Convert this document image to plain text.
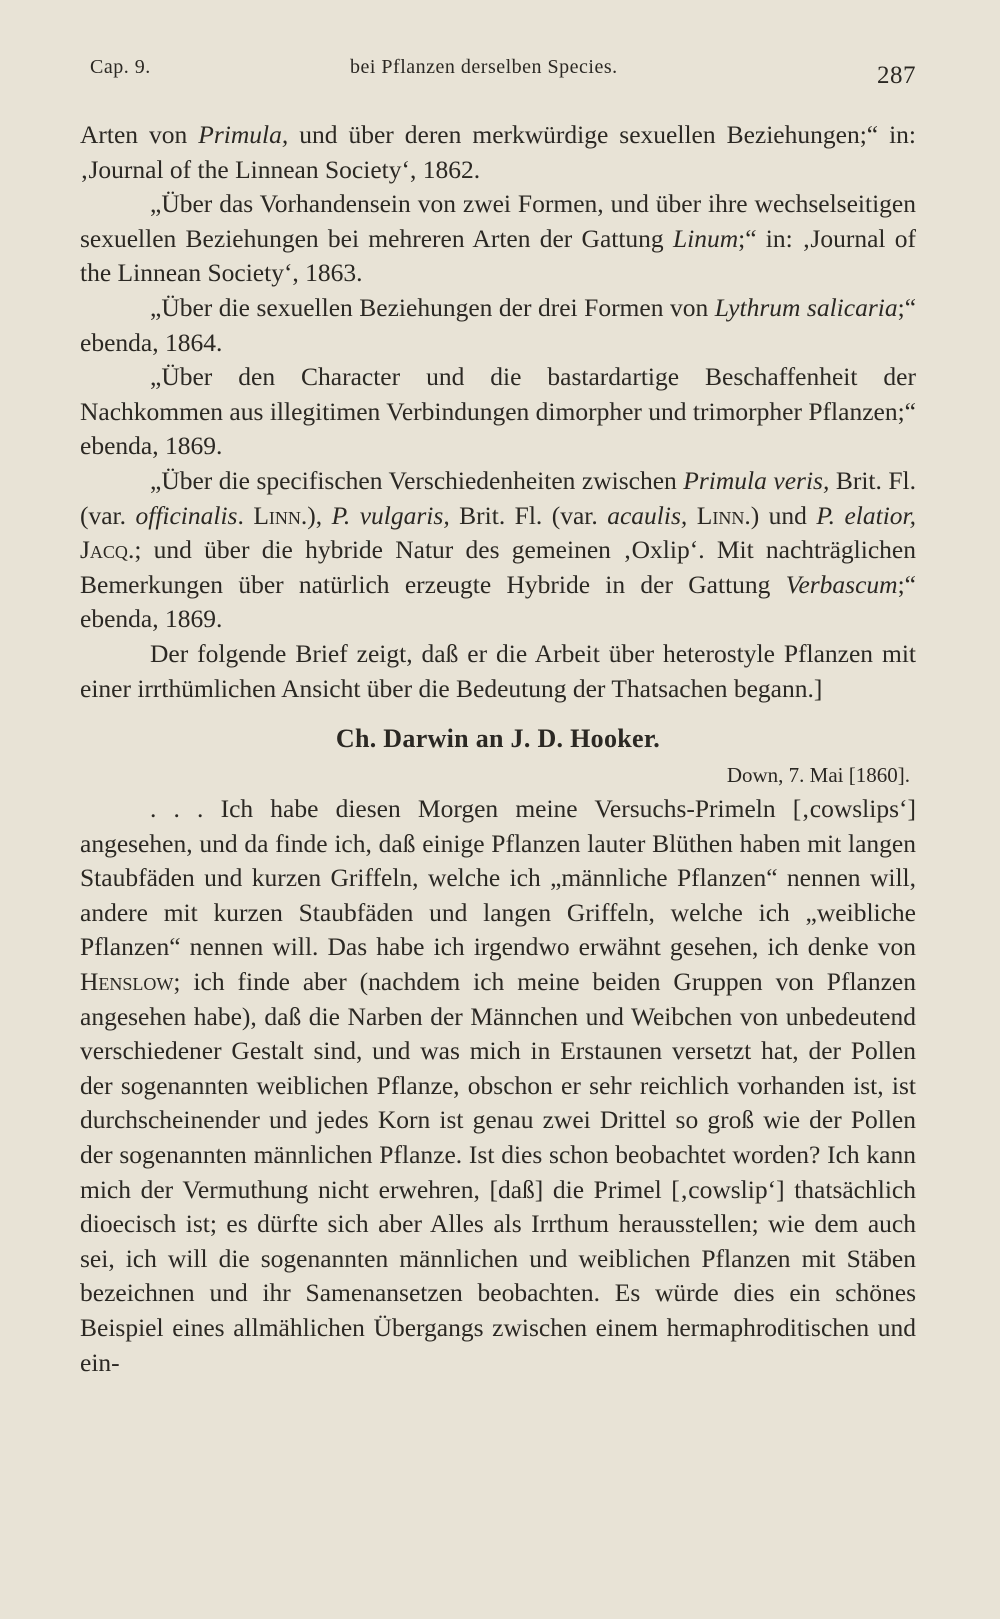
Cap. 9.	bei Pflanzen derselben Species.	287

Arten von Primula, und über deren merkwürdige sexuellen Beziehungen;“ in: ‚Journal of the Linnean Society‘, 1862.

„Über das Vorhandensein von zwei Formen, und über ihre wechselseitigen sexuellen Beziehungen bei mehreren Arten der Gattung Linum;“ in: ‚Journal of the Linnean Society‘, 1863.

„Über die sexuellen Beziehungen der drei Formen von Lythrum salicaria;“ ebenda, 1864.

„Über den Character und die bastardartige Beschaffenheit der Nachkommen aus illegitimen Verbindungen dimorpher und trimorpher Pflanzen;“ ebenda, 1869.

„Über die specifischen Verschiedenheiten zwischen Primula veris, Brit. Fl. (var. officinalis. Linn.), P. vulgaris, Brit. Fl. (var. acaulis, Linn.) und P. elatior, Jacq.; und über die hybride Natur des gemeinen ‚Oxlip‘. Mit nachträglichen Bemerkungen über natürlich erzeugte Hybride in der Gattung Verbascum;“ ebenda, 1869.

Der folgende Brief zeigt, daß er die Arbeit über heterostyle Pflanzen mit einer irrthümlichen Ansicht über die Bedeutung der Thatsachen begann.]

Ch. Darwin an J. D. Hooker.
Down, 7. Mai [1860].

. . . Ich habe diesen Morgen meine Versuchs-Primeln [‚cowslips‘] angesehen, und da finde ich, daß einige Pflanzen lauter Blüthen haben mit langen Staubfäden und kurzen Griffeln, welche ich „männliche Pflanzen“ nennen will, andere mit kurzen Staubfäden und langen Griffeln, welche ich „weibliche Pflanzen“ nennen will. Das habe ich irgendwo erwähnt gesehen, ich denke von Henslow; ich finde aber (nachdem ich meine beiden Gruppen von Pflanzen angesehen habe), daß die Narben der Männchen und Weibchen von unbedeutend verschiedener Gestalt sind, und was mich in Erstaunen versetzt hat, der Pollen der sogenannten weiblichen Pflanze, obschon er sehr reichlich vorhanden ist, ist durchscheinender und jedes Korn ist genau zwei Drittel so groß wie der Pollen der sogenannten männlichen Pflanze. Ist dies schon beobachtet worden? Ich kann mich der Vermuthung nicht erwehren, [daß] die Primel [‚cowslip‘] thatsächlich dioecisch ist; es dürfte sich aber Alles als Irrthum herausstellen; wie dem auch sei, ich will die sogenannten männlichen und weiblichen Pflanzen mit Stäben bezeichnen und ihr Samenansetzen beobachten. Es würde dies ein schönes Beispiel eines allmählichen Übergangs zwischen einem hermaphroditischen und ein-
